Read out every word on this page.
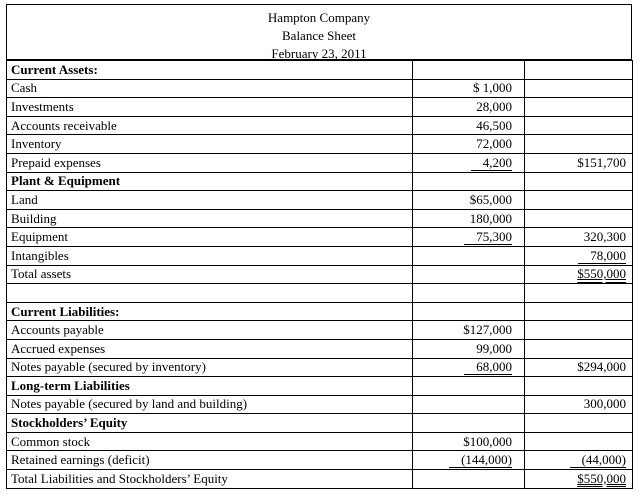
Hampton Company
Balance Sheet
February 23, 2011
Current Assets:		
Cash	$ 1,000	
Investments	28,000	
Accounts receivable	46,500	
Inventory	72,000	
Prepaid expenses	4,200	$151,700
Plant & Equipment		
Land	$65,000	
Building	180,000	
Equipment	75,300	320,300
Intangibles		78,000
Total assets		$550,000

Current Liabilities:		
Accounts payable	$127,000	
Accrued expenses	99,000	
Notes payable (secured by inventory)	68,000	$294,000
Long-term Liabilities		
Notes payable (secured by land and building)		300,000
Stockholders’ Equity		
Common stock	$100,000	
Retained earnings (deficit)	(144,000)	(44,000)
Total Liabilities and Stockholders’ Equity		$550,000
